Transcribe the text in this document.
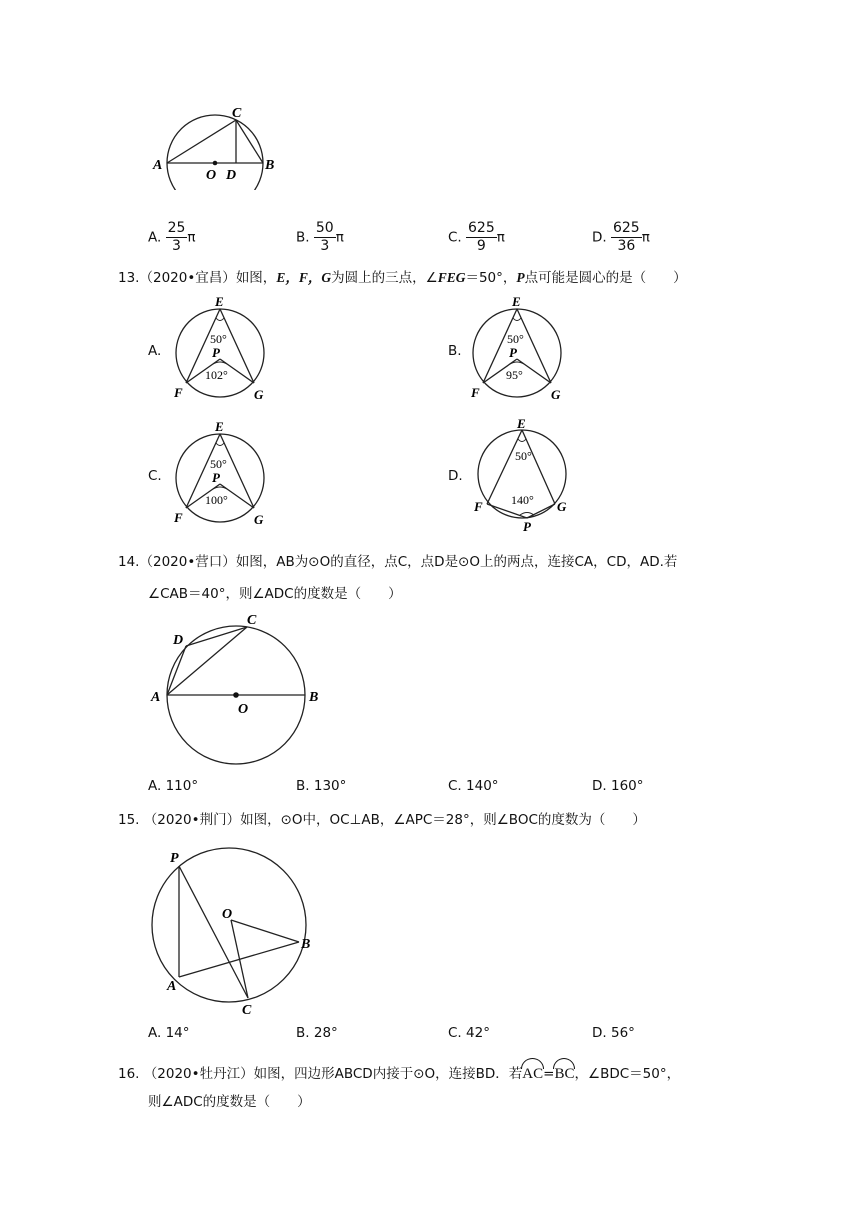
A	B
C
O D
A. $\frac{25}{3}$ π	B. $\frac{50}{3}$ π	C. $\frac{625}{9}$ π	D. $\frac{625}{36}$ π
13.（2020•宜昌）如图，E，F，G为圆上的三点，∠FEG＝50°，P点可能是圆心的是（　　）
A.	B.
C.	D.
E
F	G
P
50°
102°
E
F	G
P
50°
95°
E
F	G
P
50°
100°
E
F	G
P
50°
140°
14.（2020•营口）如图，AB为⊙O的直径，点C，点D是⊙O上的两点，连接CA，CD，AD.若
∠CAB＝40°，则∠ADC的度数是（　　）
A	B
C
D
O
A. 110°	B. 130°	C. 140°	D. 160°
15. （2020•荆门）如图，⊙O中，OC⊥AB，∠APC＝28°，则∠BOC的度数为（　　）
P
O
A
B
C
A. 14°	B. 28°	C. 42°	D. 56°
16. （2020•牡丹江）如图，四边形ABCD内接于⊙O，连接BD．若AC=BC，∠BDC＝50°，
则∠ADC的度数是（　　）
